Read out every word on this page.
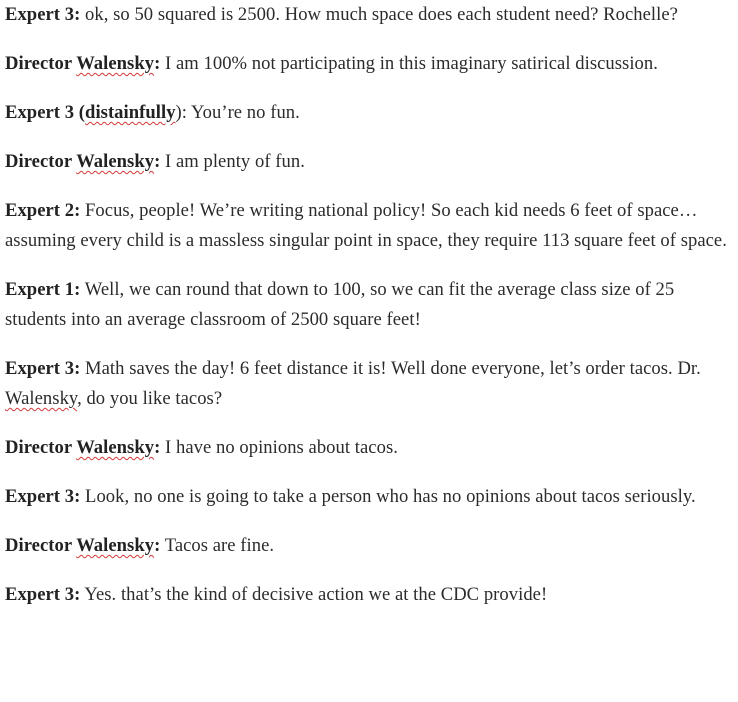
Expert 3: ok, so 50 squared is 2500. How much space does each student need? Rochelle?

Director Walensky: I am 100% not participating in this imaginary satirical discussion.

Expert 3 (distainfully): You’re no fun.

Director Walensky: I am plenty of fun.

Expert 2: Focus, people! We’re writing national policy! So each kid needs 6 feet of space… assuming every child is a massless singular point in space, they require 113 square feet of space.

Expert 1: Well, we can round that down to 100, so we can fit the average class size of 25 students into an average classroom of 2500 square feet!

Expert 3: Math saves the day! 6 feet distance it is! Well done everyone, let’s order tacos. Dr. Walensky, do you like tacos?

Director Walensky: I have no opinions about tacos.

Expert 3: Look, no one is going to take a person who has no opinions about tacos seriously.

Director Walensky: Tacos are fine.

Expert 3: Yes. that’s the kind of decisive action we at the CDC provide!
